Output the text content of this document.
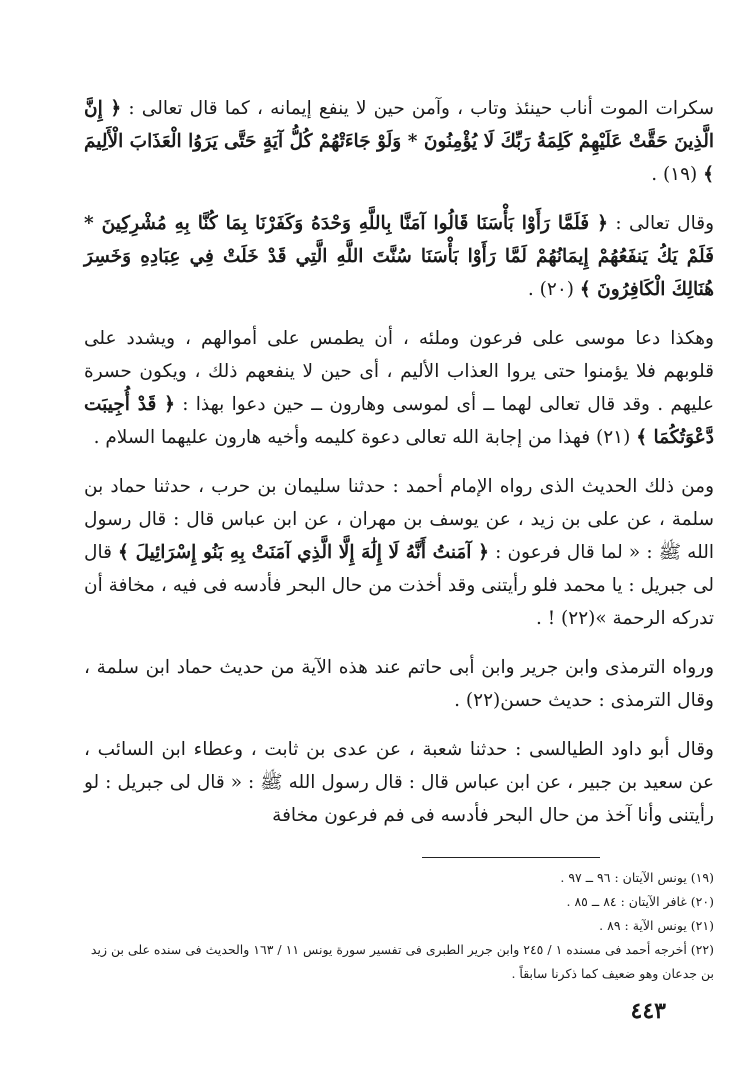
سكرات الموت أناب حينئذ وتاب ، وآمن حين لا ينفع إيمانه ، كما قال تعالى : ﴿ إِنَّ الَّذِينَ حَقَّتْ عَلَيْهِمْ كَلِمَةُ رَبِّكَ لَا يُؤْمِنُونَ * وَلَوْ جَاءَتْهُمْ كُلُّ آيَةٍ حَتَّى يَرَوُا الْعَذَابَ الْأَلِيمَ ﴾ (١٩) .

وقال تعالى : ﴿ فَلَمَّا رَأَوْا بَأْسَنَا قَالُوا آمَنَّا بِاللَّهِ وَحْدَهُ وَكَفَرْنَا بِمَا كُنَّا بِهِ مُشْرِكِينَ * فَلَمْ يَكُ يَنفَعُهُمْ إِيمَانُهُمْ لَمَّا رَأَوْا بَأْسَنَا سُنَّتَ اللَّهِ الَّتِي قَدْ خَلَتْ فِي عِبَادِهِ وَخَسِرَ هُنَالِكَ الْكَافِرُونَ ﴾ (٢٠) .

وهكذا دعا موسى على فرعون وملئه ، أن يطمس على أموالهم ، ويشدد على قلوبهم فلا يؤمنوا حتى يروا العذاب الأليم ، أى حين لا ينفعهم ذلك ، ويكون حسرة عليهم . وقد قال تعالى لهما ــ أى لموسى وهارون ــ حين دعوا بهذا : ﴿ قَدْ أُجِيبَت دَّعْوَتُكُمَا ﴾ (٢١) فهذا من إجابة الله تعالى دعوة كليمه وأخيه هارون عليهما السلام .

ومن ذلك الحديث الذى رواه الإمام أحمد : حدثنا سليمان بن حرب ، حدثنا حماد بن سلمة ، عن على بن زيد ، عن يوسف بن مهران ، عن ابن عباس قال : قال رسول الله ﷺ : « لما قال فرعون : ﴿ آمَنتُ أَنَّهُ لَا إِلَٰهَ إِلَّا الَّذِي آمَنَتْ بِهِ بَنُو إِسْرَائِيلَ ﴾ قال لى جبريل : يا محمد فلو رأيتنى وقد أخذت من حال البحر فأدسه فى فيه ، مخافة أن تدركه الرحمة »(٢٢) ! .

ورواه الترمذى وابن جرير وابن أبى حاتم عند هذه الآية من حديث حماد ابن سلمة ، وقال الترمذى : حديث حسن(٢٢) .

وقال أبو داود الطيالسى : حدثنا شعبة ، عن عدى بن ثابت ، وعطاء ابن السائب ، عن سعيد بن جبير ، عن ابن عباس قال : قال رسول الله ﷺ : « قال لى جبريل : لو رأيتنى وأنا آخذ من حال البحر فأدسه فى فم فرعون مخافة

(١٩) يونس الآيتان : ٩٦ ــ ٩٧ .

(٢٠) غافر الآيتان : ٨٤ ــ ٨٥ .

(٢١) يونس الآية : ٨٩ .

(٢٢) أخرجه أحمد فى مسنده ١ / ٢٤٥ وابن جرير الطبرى فى تفسير سورة يونس ١١ / ١٦٣ والحديث فى سنده على بن زيد بن جدعان وهو ضعيف كما ذكرنا سابقاً .

٤٤٣
